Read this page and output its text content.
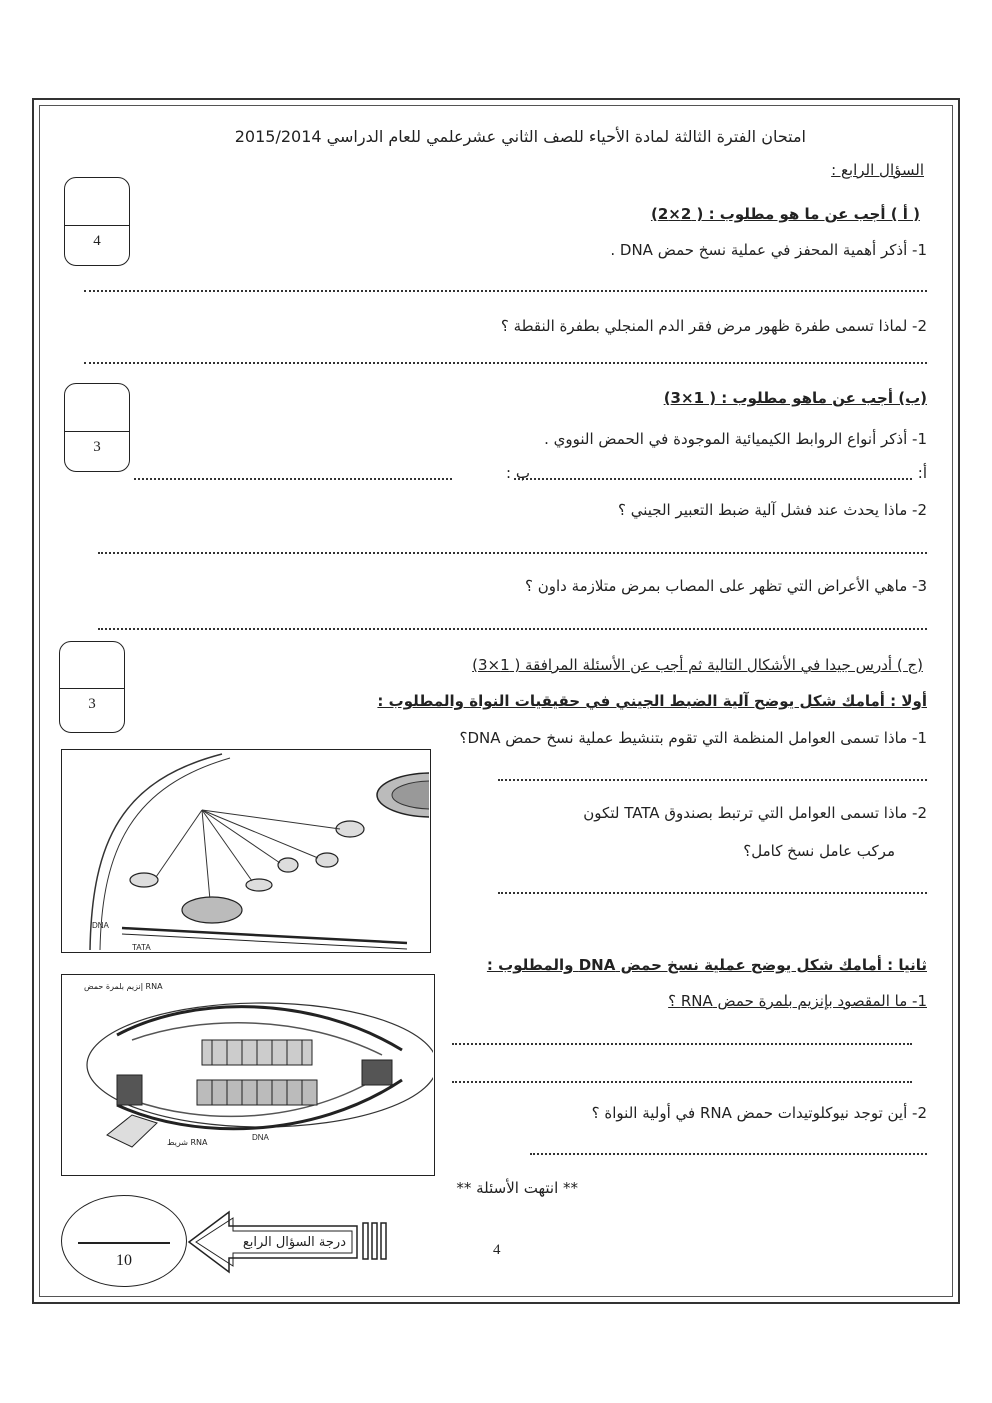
امتحان الفترة الثالثة لمادة الأحياء للصف الثاني عشرعلمي للعام الدراسي 2015/2014
السؤال الرابع :
4
( أ ) أجب عن ما هو مطلوب : ( 2×2)
1- أذكر أهمية المحفز في عملية نسخ حمض DNA .
2- لماذا تسمى طفرة ظهور مرض فقر الدم المنجلي بطفرة النقطة ؟
3
(ب) أجب عن ماهو مطلوب : ( 1×3)
1- أذكر أنواع الروابط الكيميائية الموجودة في الحمض النووي .
أ:
ب :
2- ماذا يحدث عند فشل آلية ضبط التعبير الجيني ؟
3- ماهي الأعراض التي تظهر على المصاب بمرض متلازمة داون ؟
3
(ج ) أدرس جيدا في الأشكال التالية ثم أجب عن الأسئلة المرافقة ( 1×3)
أولا : أمامك شكل يوضح آلية الضبط الجيني في حقيقيات النواة والمطلوب :
1- ماذا تسمى العوامل المنظمة التي تقوم بتنشيط عملية نسخ حمض DNA؟
2- ماذا تسمى العوامل التي ترتبط بصندوق TATA لتكون
مركب عامل نسخ كامل؟
ثانيا : أمامك شكل يوضح عملية نسخ حمض DNA والمطلوب :
1- ما المقصود بإنزيم بلمرة حمض RNA ؟
2- أين توجد نيوكلوتيدات حمض RNA في أولية النواة ؟
DNA
TATA
إنزيم بلمرة حمض RNA
شريط RNA
DNA
** انتهت الأسئلة **
10
درجة السؤال الرابع	4
